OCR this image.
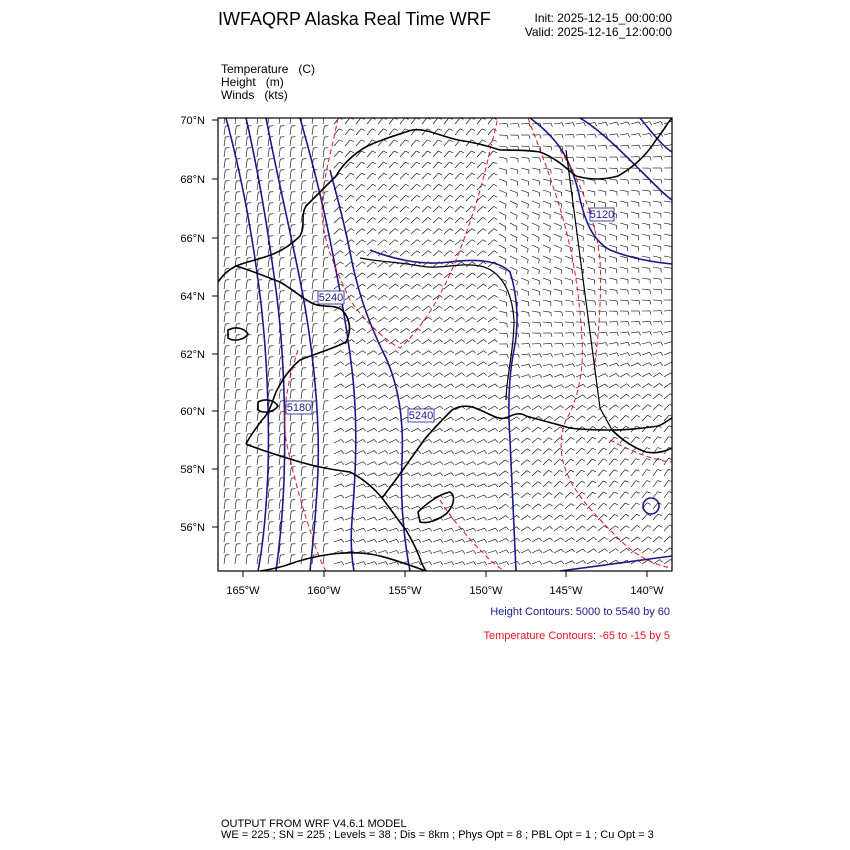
IWFAQRP Alaska Real Time WRF	Init: 2025-12-15_00:00:00
Valid: 2025-12-16_12:00:00
Temperature (C)
Height (m)
Winds (kts)
5120
5240
5180
5240
70°N
68°N
66°N
64°N
62°N
60°N
58°N
56°N
165°W	160°W	155°W	150°W	145°W	140°W
Height Contours: 5000 to 5540 by 60
Temperature Contours: -65 to -15 by 5
OUTPUT FROM WRF V4.6.1 MODEL
WE = 225 ; SN = 225 ; Levels = 38 ; Dis = 8km ; Phys Opt = 8 ; PBL Opt = 1 ; Cu Opt = 3
